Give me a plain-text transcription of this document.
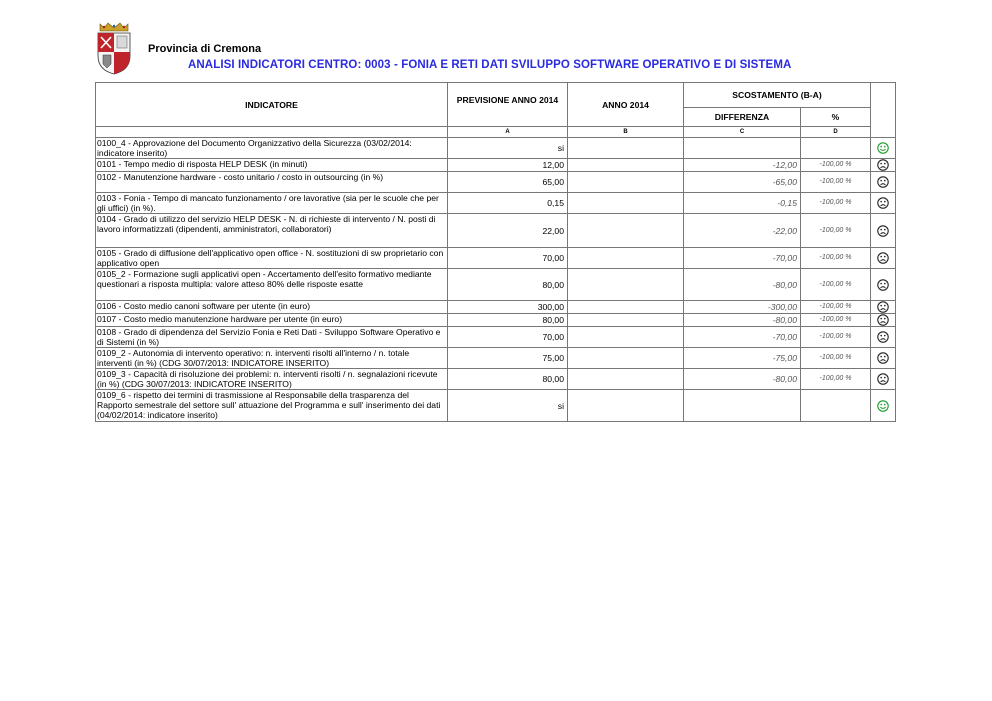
Provincia di Cremona
ANALISI INDICATORI CENTRO: 0003 - FONIA E RETI DATI SVILUPPO SOFTWARE OPERATIVO E DI SISTEMA
INDICATORE	PREVISIONE ANNO 2014	ANNO 2014	SCOSTAMENTO (B-A)		
			DIFFERENZA	%	
	A	B	C	D	
0100_4 - Approvazione del Documento Organizzativo della Sicurezza (03/02/2014: indicatore inserito)	si				
0101 - Tempo medio di risposta HELP DESK (in minuti)	12,00		-12,00	-100,00 %	
0102 - Manutenzione hardware - costo unitario / costo in outsourcing (in %)	65,00		-65,00	-100,00 %	
0103 - Fonia - Tempo di mancato funzionamento / ore lavorative (sia per le scuole che per gli uffici) (in %).	0,15		-0,15	-100,00 %	
0104 - Grado di utilizzo del servizio HELP DESK - N. di richieste di intervento / N. posti di lavoro informatizzati (dipendenti, amministratori, collaboratori)	22,00		-22,00	-100,00 %	
0105 - Grado di diffusione dell'applicativo open office - N. sostituzioni di sw proprietario con applicativo open	70,00		-70,00	-100,00 %	
0105_2 - Formazione sugli applicativi open - Accertamento dell'esito formativo mediante questionari a risposta multipla: valore atteso 80% delle risposte esatte	80,00		-80,00	-100,00 %	
0106 - Costo medio canoni software per utente (in euro)	300,00		-300,00	-100,00 %	
0107 - Costo medio manutenzione hardware per utente (in euro)	80,00		-80,00	-100,00 %	
0108 - Grado di dipendenza del Servizio Fonia e Reti Dati - Sviluppo Software Operativo e di Sistemi (in %)	70,00		-70,00	-100,00 %	
0109_2 - Autonomia di intervento operativo: n. interventi risolti all'interno / n. totale interventi (in %) (CDG 30/07/2013: INDICATORE INSERITO)	75,00		-75,00	-100,00 %	
0109_3 - Capacità di risoluzione dei problemi: n. interventi risolti / n. segnalazioni ricevute (in %) (CDG 30/07/2013: INDICATORE INSERITO)	80,00		-80,00	-100,00 %	
0109_6 - rispetto dei termini di trasmissione al Responsabile della trasparenza del Rapporto semestrale del settore sull' attuazione del Programma e sull' inserimento dei dati (04/02/2014: indicatore inserito)	si				
